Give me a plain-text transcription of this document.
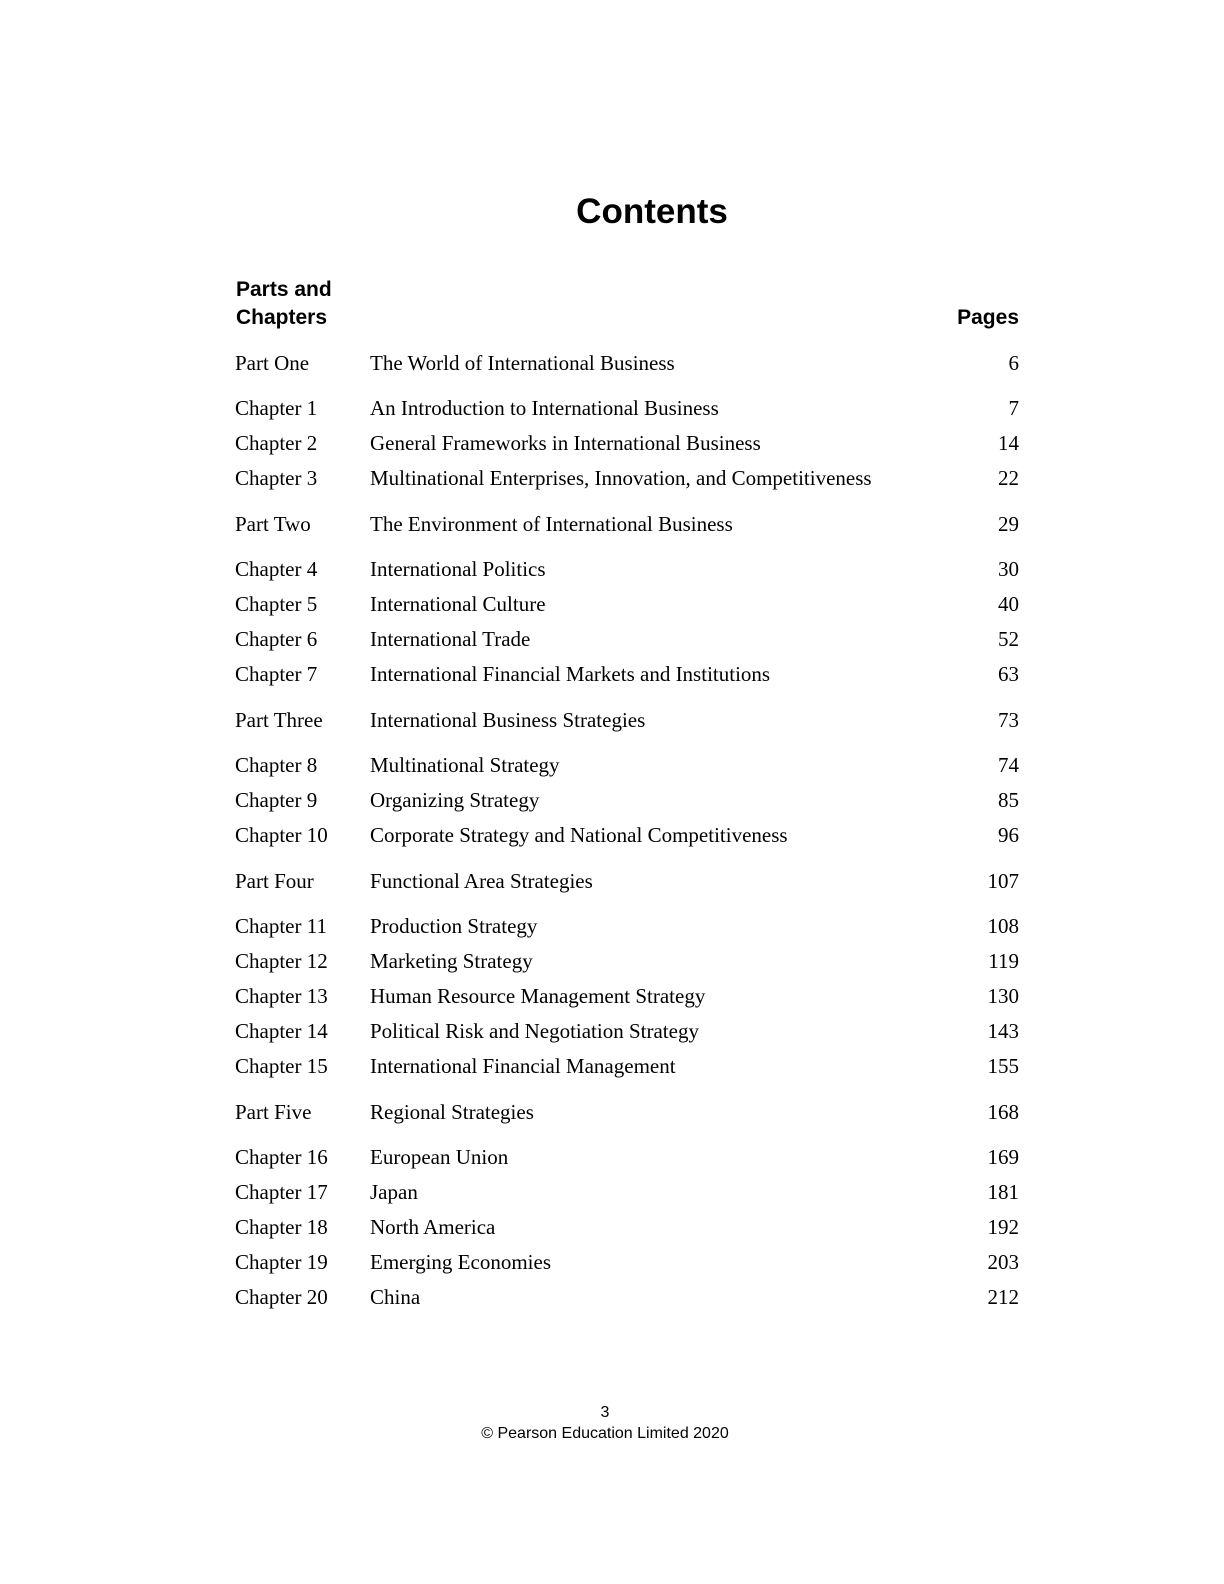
Contents
Parts and
Chapters	Pages
Part One	The World of International Business	6
Chapter 1	An Introduction to International Business	7
Chapter 2	General Frameworks in International Business	14
Chapter 3	Multinational Enterprises, Innovation, and Competitiveness	22
Part Two	The Environment of International Business	29
Chapter 4	International Politics	30
Chapter 5	International Culture	40
Chapter 6	International Trade	52
Chapter 7	International Financial Markets and Institutions	63
Part Three	International Business Strategies	73
Chapter 8	Multinational Strategy	74
Chapter 9	Organizing Strategy	85
Chapter 10	Corporate Strategy and National Competitiveness	96
Part Four	Functional Area Strategies	107
Chapter 11	Production Strategy	108
Chapter 12	Marketing Strategy	119
Chapter 13	Human Resource Management Strategy	130
Chapter 14	Political Risk and Negotiation Strategy	143
Chapter 15	International Financial Management	155
Part Five	Regional Strategies	168
Chapter 16	European Union	169
Chapter 17	Japan	181
Chapter 18	North America	192
Chapter 19	Emerging Economies	203
Chapter 20	China	212
3
© Pearson Education Limited 2020
